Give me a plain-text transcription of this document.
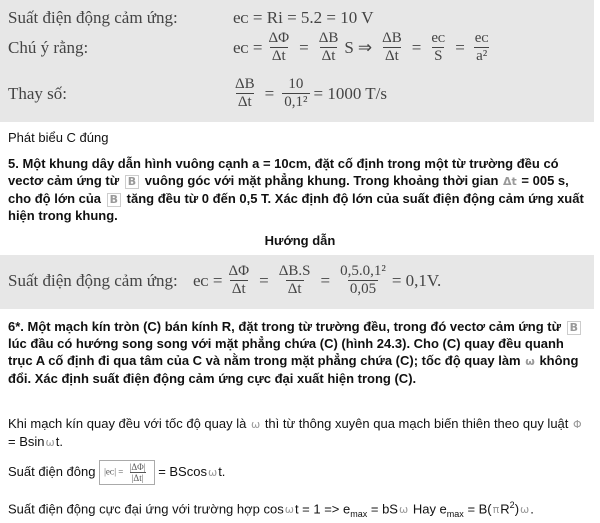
Suất điện động cảm ứng:	eᴄ = Ri = 5.2 = 10 V
Chú ý rằng:	eᴄ = $\frac{\Delta\Phi}{\Delta t} = \frac{\Delta B}{\Delta t}$ S ⇒ $\frac{\Delta B}{\Delta t} = \frac{\text{eᴄ}}{S} = \frac{\text{eᴄ}}{\text{a²}}$
Thay số:	$\frac{\Delta B}{\Delta t} = \frac{10}{\text{0,1²}} = 1000$ T/s
Phát biểu C đúng
5. Một khung dây dẫn hình vuông cạnh a = 10cm, đặt cố định trong một từ trường đều có vectơ cảm ứng từ B vuông góc với mặt phẳng khung. Trong khoảng thời gian Δt = 005 s, cho độ lớn của B tăng đều từ 0 đến 0,5 T. Xác định độ lớn của suất điện động cảm ứng xuất hiện trong khung.
Hướng dẫn
Suất điện động cảm ứng: eᴄ = $\frac{\Delta\Phi}{\Delta t} = \frac{\Delta B.S}{\Delta t} = \frac{\text{0,5.0,1²}}{0,05} = 0,1V$.
6*. Một mạch kín tròn (C) bán kính R, đặt trong từ trường đều, trong đó vectơ cảm ứng từ B lúc đầu có hướng song song với mặt phẳng chứa (C) (hình 24.3). Cho (C) quay đều quanh trục A cố định đi qua tâm của C và nằm trong mặt phẳng chứa (C); tốc độ quay làm ω không đổi. Xác định suất điện động cảm ứng cực đại xuất hiện trong (C).
Khi mạch kín quay đều với tốc độ quay là ω thì từ thông xuyên qua mạch biến thiên theo quy luật Φ = Bsinωt.
Suất điện đông |eᴄ| = $\frac{|\Delta\Phi|}{|\Delta t|} = BScos\omega t$.
Suất điện động cực đại ứng với trường hợp $\cos\omega t = 1 => e_{max} = bS\omega$ Hay $e_{max} = B(\pi R^2)\omega$.
